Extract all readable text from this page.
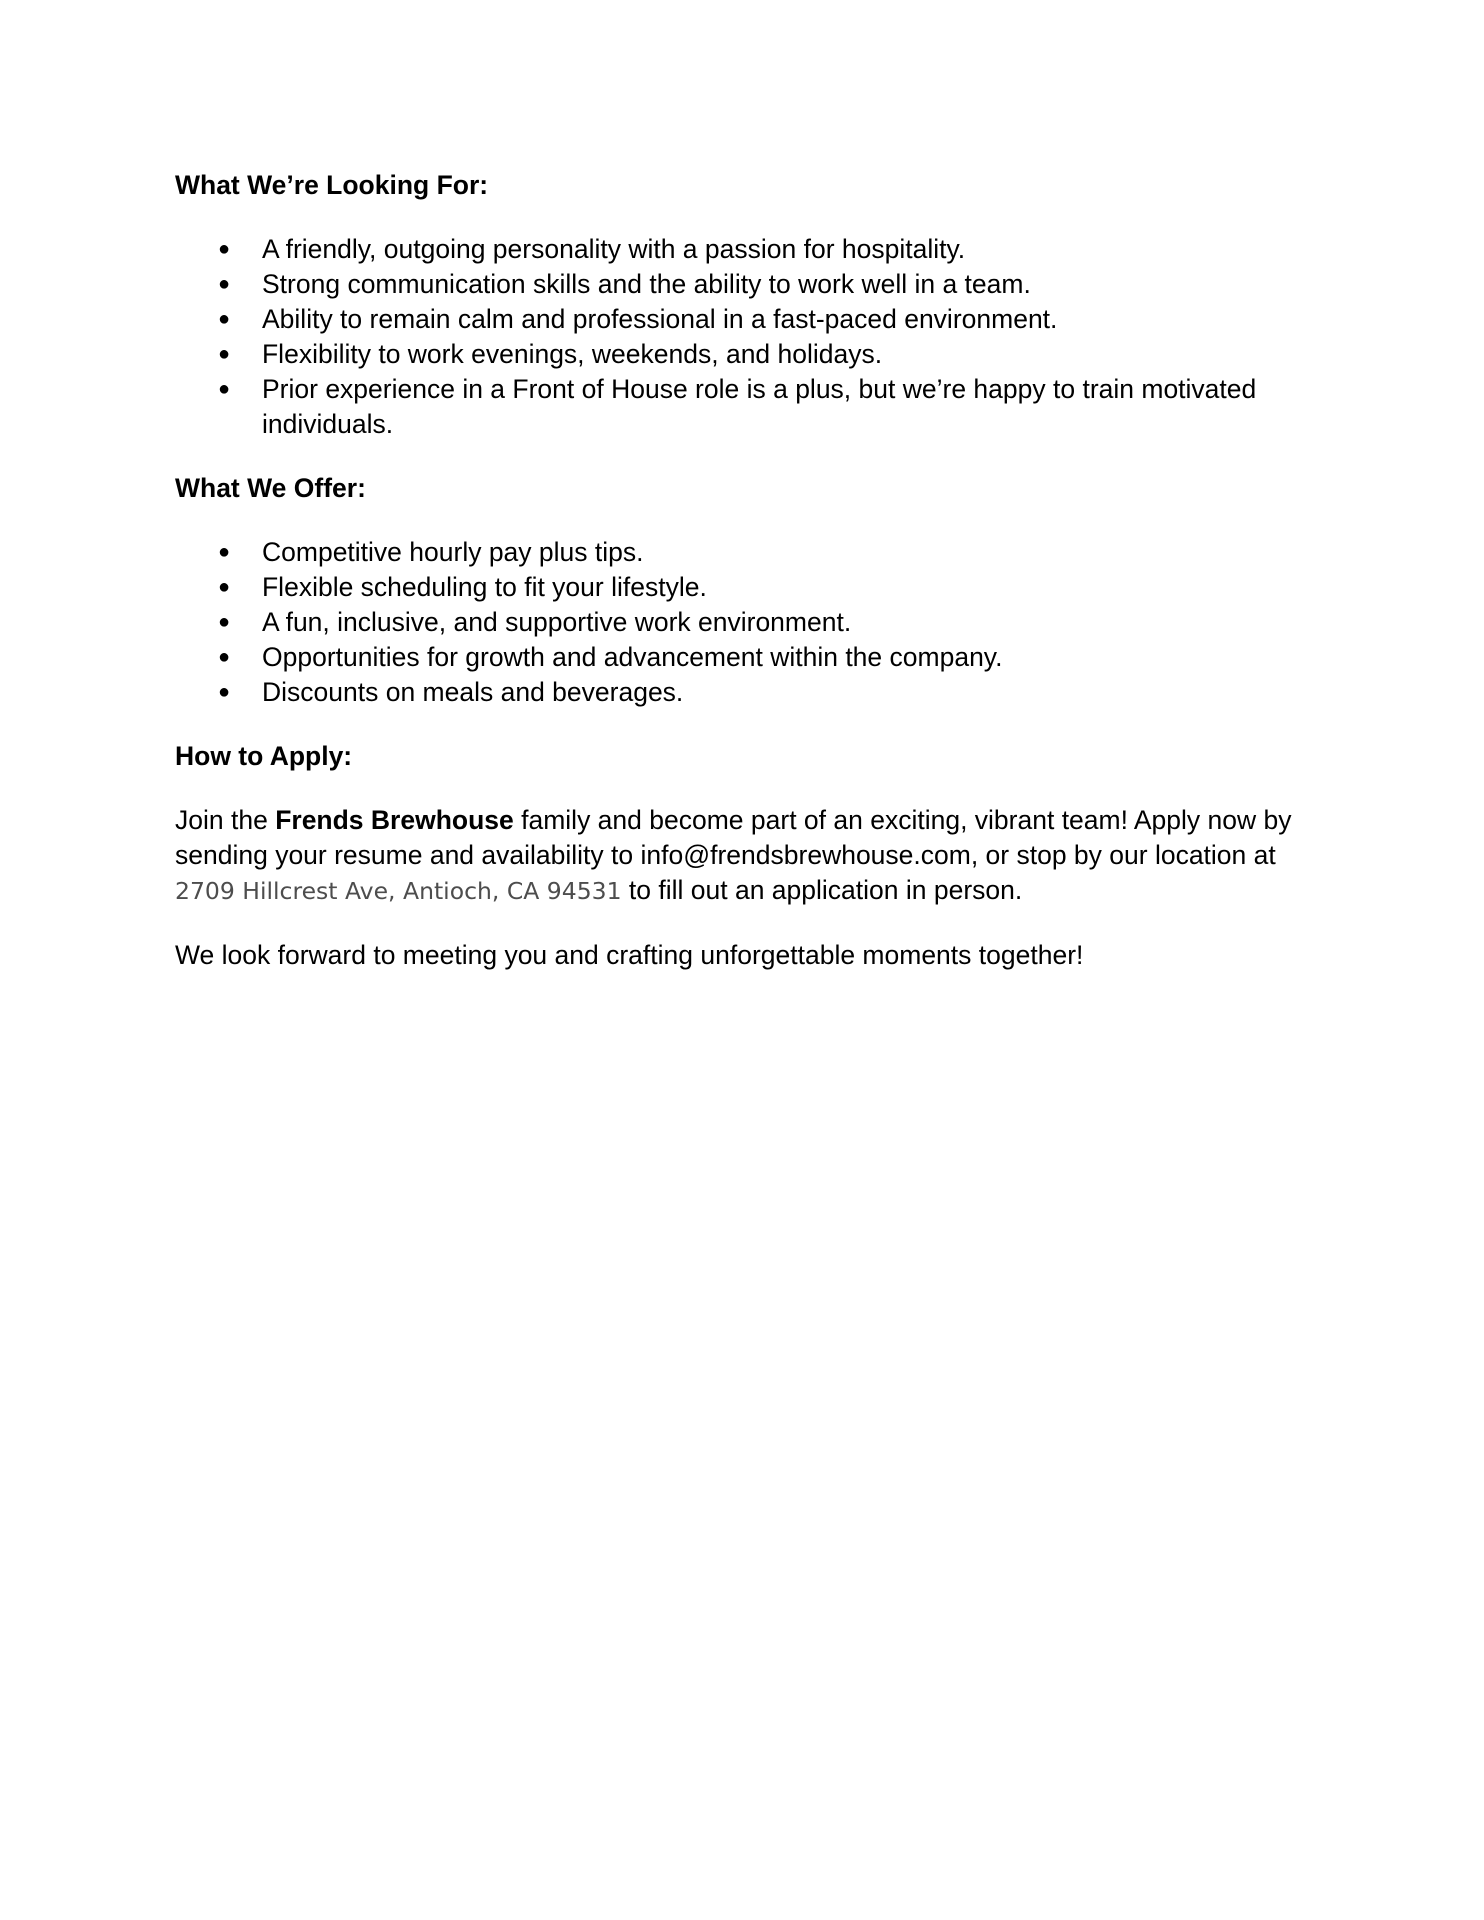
What We’re Looking For:
● A friendly, outgoing personality with a passion for hospitality.
● Strong communication skills and the ability to work well in a team.
● Ability to remain calm and professional in a fast-paced environment.
● Flexibility to work evenings, weekends, and holidays.
● Prior experience in a Front of House role is a plus, but we’re happy to train motivated individuals.
What We Offer:
● Competitive hourly pay plus tips.
● Flexible scheduling to fit your lifestyle.
● A fun, inclusive, and supportive work environment.
● Opportunities for growth and advancement within the company.
● Discounts on meals and beverages.
How to Apply:

Join the Frends Brewhouse family and become part of an exciting, vibrant team! Apply now by sending your resume and availability to info@frendsbrewhouse.com, or stop by our location at 2709 Hillcrest Ave, Antioch, CA 94531 to fill out an application in person.

We look forward to meeting you and crafting unforgettable moments together!
